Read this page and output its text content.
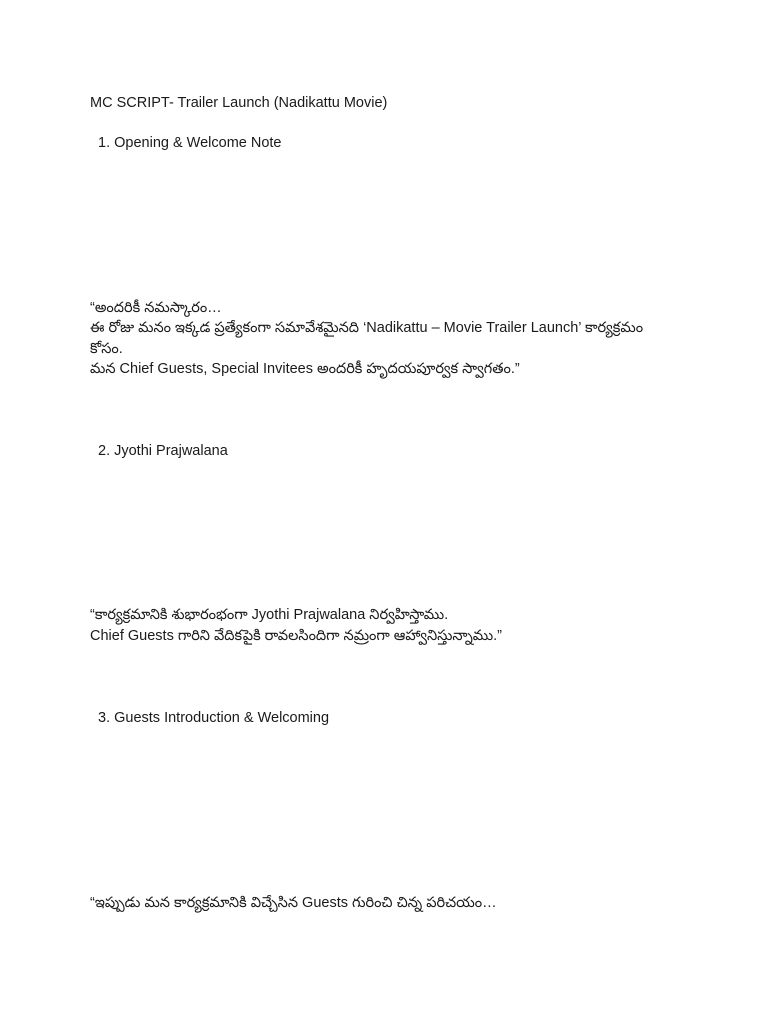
MC SCRIPT- Trailer Launch (Nadikattu Movie)
1. Opening & Welcome Note
“అందరికీ నమస్కారం…
ఈ రోజు మనం ఇక్కడ ప్రత్యేకంగా సమావేశమైనది ‘Nadikattu – Movie Trailer Launch’ కార్యక్రమం
కోసం.
మన Chief Guests, Special Invitees అందరికీ హృదయపూర్వక స్వాగతం.”
2. Jyothi Prajwalana
“కార్యక్రమానికి శుభారంభంగా Jyothi Prajwalana నిర్వహిస్తాము.
Chief Guests గారిని వేదికపైకి రావలసిందిగా నమ్రంగా ఆహ్వానిస్తున్నాము.”
3. Guests Introduction & Welcoming
“ఇప్పుడు మన కార్యక్రమానికి విచ్చేసిన Guests గురించి చిన్న పరిచయం…
